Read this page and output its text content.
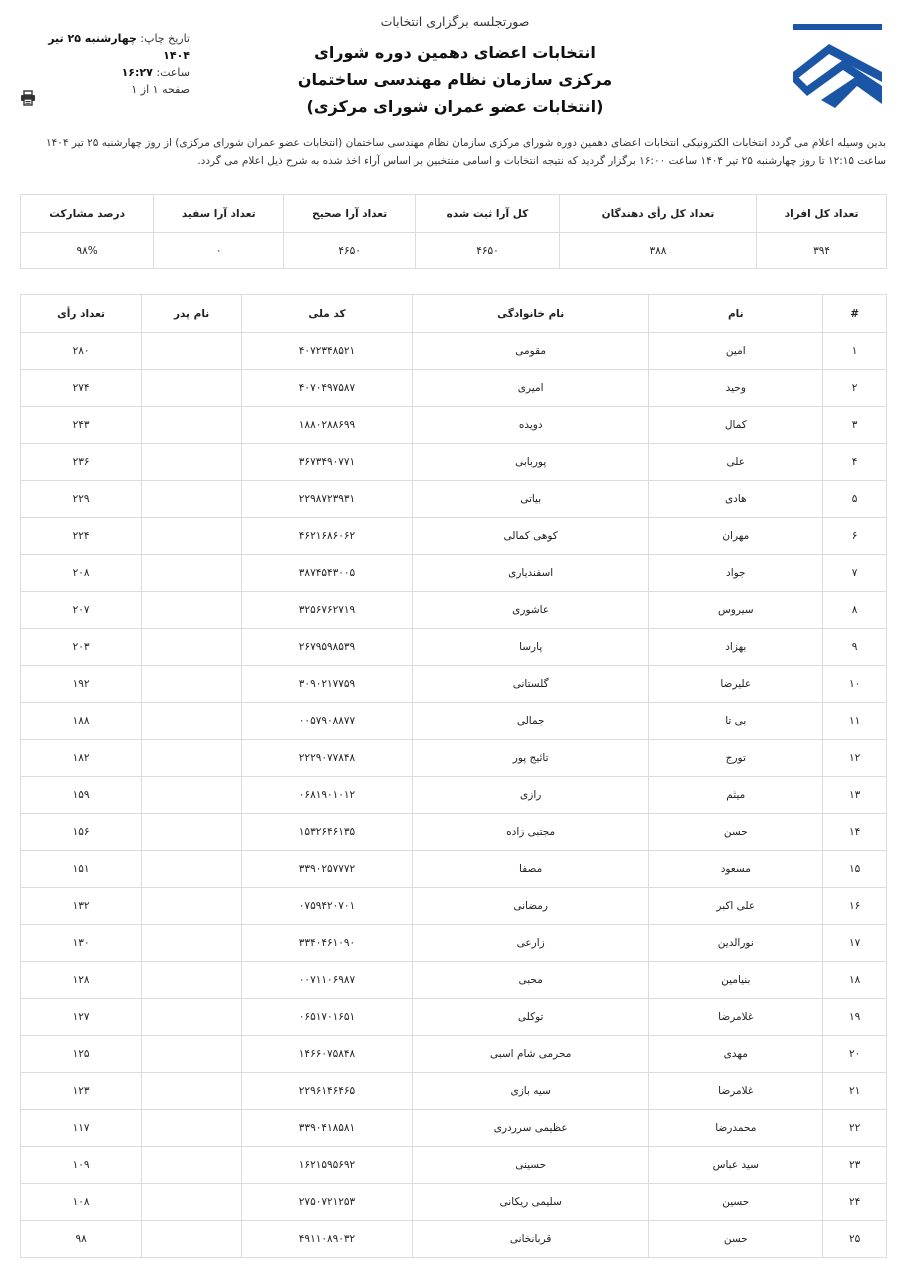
صورتجلسه برگزاری انتخابات
انتخابات اعضای دهمین دوره شورای
مرکزی سازمان نظام مهندسی ساختمان
(انتخابات عضو عمران شورای مرکزی)
تاریخ چاپ: چهارشنبه ۲۵ تیر ۱۴۰۴
ساعت: ۱۶:۲۷
صفحه ۱ از ۱
بدین وسیله اعلام می گردد انتخابات الکترونیکی انتخابات اعضای دهمین دوره شورای مرکزی سازمان نظام مهندسی ساختمان (انتخابات عضو عمران شورای مرکزی) از روز چهارشنبه ۲۵ تیر ۱۴۰۴ ساعت ۱۲:۱۵ تا روز چهارشنبه ۲۵ تیر ۱۴۰۴ ساعت ۱۶:۰۰ برگزار گردید که نتیجه انتخابات و اسامی منتخبین بر اساس آراء اخذ شده به شرح ذیل اعلام می گردد.
تعداد کل افراد	تعداد کل رأی دهندگان	کل آرا ثبت شده	تعداد آرا صحیح	تعداد آرا سفید	درصد مشارکت
۳۹۴	۳۸۸	۴۶۵۰	۴۶۵۰	۰	۹۸%
#	نام	نام خانوادگی	کد ملی	نام پدر	تعداد رأی
۱	امین	مقومی	۴۰۷۲۳۴۸۵۲۱		۲۸۰
۲	وحید	امیری	۴۰۷۰۴۹۷۵۸۷		۲۷۴
۳	کمال	دویده	۱۸۸۰۲۸۸۶۹۹		۲۴۳
۴	علی	پوربابی	۳۶۷۳۴۹۰۷۷۱		۲۳۶
۵	هادی	بیاتی	۲۲۹۸۷۲۳۹۳۱		۲۲۹
۶	مهران	کوهی کمالی	۴۶۲۱۶۸۶۰۶۲		۲۲۴
۷	جواد	اسفندیاری	۳۸۷۴۵۴۳۰۰۵		۲۰۸
۸	سیروس	عاشوری	۳۲۵۶۷۶۲۷۱۹		۲۰۷
۹	بهزاد	پارسا	۲۶۷۹۵۹۸۵۳۹		۲۰۳
۱۰	علیرضا	گلستانی	۳۰۹۰۲۱۷۷۵۹		۱۹۲
۱۱	بی تا	جمالی	۰۰۵۷۹۰۸۸۷۷		۱۸۸
۱۲	تورج	تائیج پور	۲۲۲۹۰۷۷۸۴۸		۱۸۲
۱۳	میثم	رازی	۰۶۸۱۹۰۱۰۱۲		۱۵۹
۱۴	حسن	مجتبی زاده	۱۵۳۲۶۴۶۱۳۵		۱۵۶
۱۵	مسعود	مصفا	۳۳۹۰۲۵۷۷۷۲		۱۵۱
۱۶	علی اکبر	رمضانی	۰۷۵۹۴۲۰۷۰۱		۱۳۲
۱۷	نورالدین	زارعی	۳۳۴۰۴۶۱۰۹۰		۱۳۰
۱۸	بنیامین	محبی	۰۰۷۱۱۰۶۹۸۷		۱۲۸
۱۹	غلامرضا	توکلی	۰۶۵۱۷۰۱۶۵۱		۱۲۷
۲۰	مهدی	محرمی شام اسبی	۱۴۶۶۰۷۵۸۴۸		۱۲۵
۲۱	غلامرضا	سیه بازی	۲۲۹۶۱۴۶۴۶۵		۱۲۳
۲۲	محمدرضا	عظیمی سرردری	۳۳۹۰۴۱۸۵۸۱		۱۱۷
۲۳	سید عباس	حسینی	۱۶۲۱۵۹۵۶۹۲		۱۰۹
۲۴	حسین	سلیمی ریکانی	۲۷۵۰۷۲۱۲۵۳		۱۰۸
۲۵	حسن	قربانخانی	۴۹۱۱۰۸۹۰۳۲		۹۸
